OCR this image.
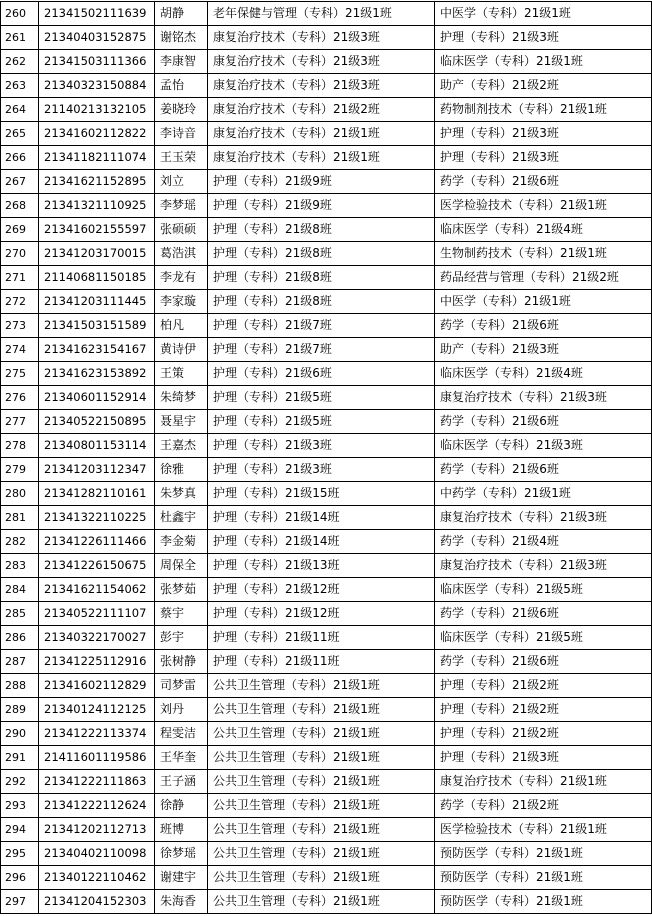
260	21341502111639	胡静	老年保健与管理（专科）21级1班	中医学（专科）21级1班
261	21340403152875	谢铭杰	康复治疗技术（专科）21级3班	护理（专科）21级3班
262	21341503111366	李康智	康复治疗技术（专科）21级3班	临床医学（专科）21级1班
263	21340323150884	孟怡	康复治疗技术（专科）21级3班	助产（专科）21级2班
264	21140213132105	姜晓玲	康复治疗技术（专科）21级2班	药物制剂技术（专科）21级1班
265	21341602112822	李诗音	康复治疗技术（专科）21级1班	护理（专科）21级3班
266	21341182111074	王玉荣	康复治疗技术（专科）21级1班	护理（专科）21级3班
267	21341621152895	刘立	护理（专科）21级9班	药学（专科）21级6班
268	21341321110925	李梦瑶	护理（专科）21级9班	医学检验技术（专科）21级1班
269	21341602155597	张硕硕	护理（专科）21级8班	临床医学（专科）21级4班
270	21341203170015	葛浩淇	护理（专科）21级8班	生物制药技术（专科）21级1班
271	21140681150185	李龙有	护理（专科）21级8班	药品经营与管理（专科）21级2班
272	21341203111445	李家璇	护理（专科）21级8班	中医学（专科）21级1班
273	21341503151589	柏凡	护理（专科）21级7班	药学（专科）21级6班
274	21341623154167	黄诗伊	护理（专科）21级7班	助产（专科）21级3班
275	21341623153892	王策	护理（专科）21级6班	临床医学（专科）21级4班
276	21340601152914	朱绮梦	护理（专科）21级5班	康复治疗技术（专科）21级3班
277	21340522150895	聂星宇	护理（专科）21级5班	药学（专科）21级6班
278	21340801153114	王嘉杰	护理（专科）21级3班	临床医学（专科）21级3班
279	21341203112347	徐雅	护理（专科）21级3班	药学（专科）21级6班
280	21341282110161	朱梦真	护理（专科）21级15班	中药学（专科）21级1班
281	21341322110225	杜鑫宇	护理（专科）21级14班	康复治疗技术（专科）21级3班
282	21341226111466	李金菊	护理（专科）21级14班	药学（专科）21级4班
283	21341226150675	周保全	护理（专科）21级13班	康复治疗技术（专科）21级3班
284	21341621154062	张梦茹	护理（专科）21级12班	临床医学（专科）21级5班
285	21340522111107	蔡宇	护理（专科）21级12班	药学（专科）21级6班
286	21340322170027	彭宇	护理（专科）21级11班	临床医学（专科）21级5班
287	21341225112916	张树静	护理（专科）21级11班	药学（专科）21级6班
288	21341602112829	司梦雷	公共卫生管理（专科）21级1班	护理（专科）21级2班
289	21340124112125	刘丹	公共卫生管理（专科）21级1班	护理（专科）21级2班
290	21341222113374	程雯洁	公共卫生管理（专科）21级1班	护理（专科）21级2班
291	21411601119586	王华奎	公共卫生管理（专科）21级1班	护理（专科）21级3班
292	21341222111863	王子涵	公共卫生管理（专科）21级1班	康复治疗技术（专科）21级1班
293	21341222112624	徐静	公共卫生管理（专科）21级1班	药学（专科）21级2班
294	21341202112713	班博	公共卫生管理（专科）21级1班	医学检验技术（专科）21级1班
295	21340402110098	徐梦瑶	公共卫生管理（专科）21级1班	预防医学（专科）21级1班
296	21340122110462	谢建宇	公共卫生管理（专科）21级1班	预防医学（专科）21级1班
297	21341204152303	朱海香	公共卫生管理（专科）21级1班	预防医学（专科）21级1班
